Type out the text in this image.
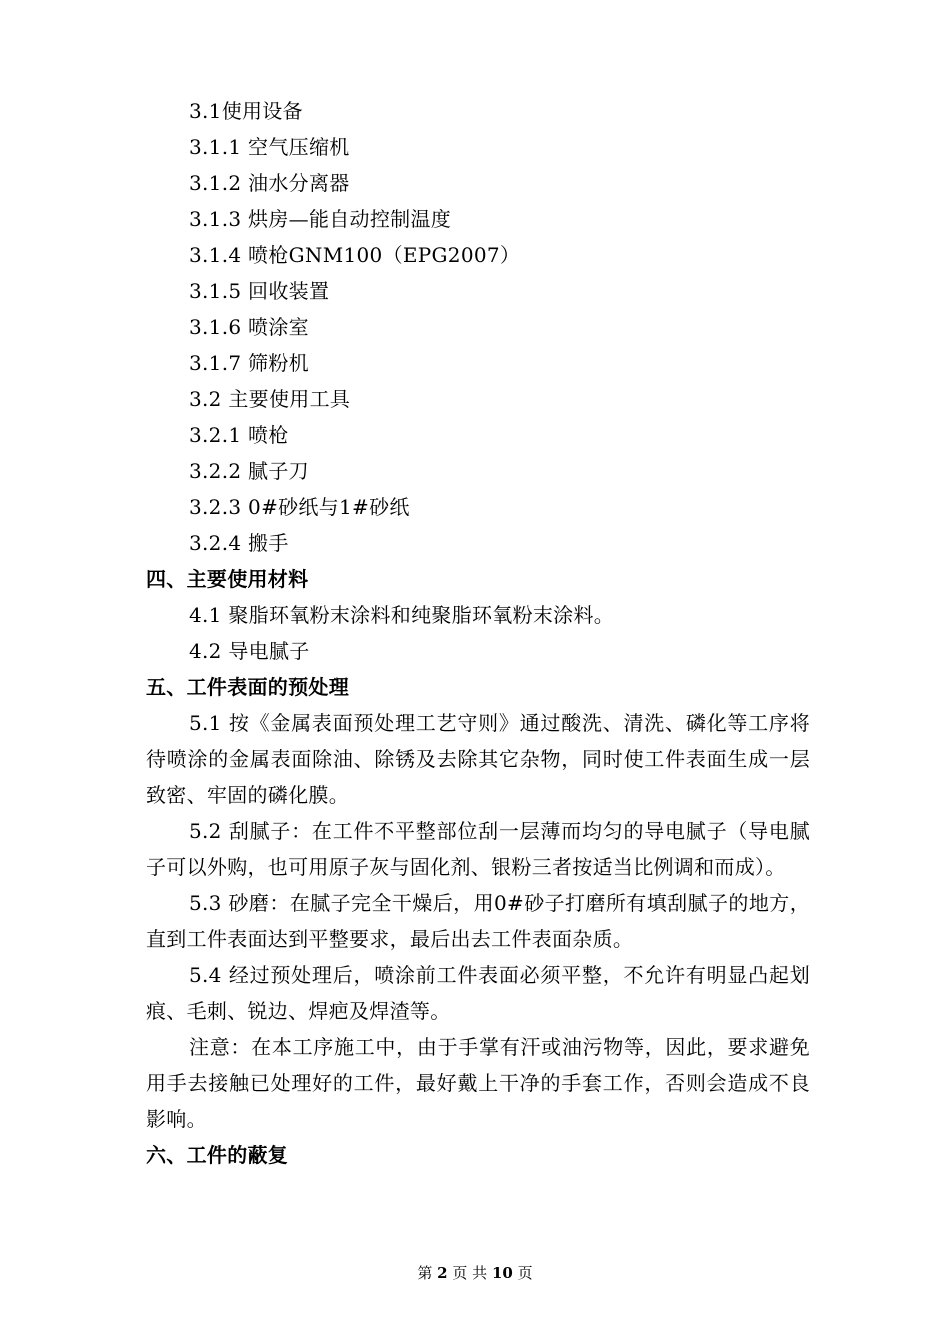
3.1使用设备
3.1.1 空气压缩机
3.1.2 油水分离器
3.1.3 烘房—能自动控制温度
3.1.4 喷枪GNM100（EPG2007）
3.1.5 回收装置
3.1.6 喷涂室
3.1.7 筛粉机
3.2 主要使用工具
3.2.1 喷枪
3.2.2 腻子刀
3.2.3 0#砂纸与1#砂纸
3.2.4 搬手
四、主要使用材料
4.1 聚脂环氧粉末涂料和纯聚脂环氧粉末涂料。
4.2 导电腻子
五、工件表面的预处理
5.1 按《金属表面预处理工艺守则》通过酸洗、清洗、磷化等工序将待喷涂的金属表面除油、除锈及去除其它杂物，同时使工件表面生成一层致密、牢固的磷化膜。
5.2 刮腻子：在工件不平整部位刮一层薄而均匀的导电腻子（导电腻子可以外购，也可用原子灰与固化剂、银粉三者按适当比例调和而成）。
5.3 砂磨：在腻子完全干燥后，用0#砂子打磨所有填刮腻子的地方，直到工件表面达到平整要求，最后出去工件表面杂质。
5.4 经过预处理后，喷涂前工件表面必须平整，不允许有明显凸起划痕、毛刺、锐边、焊疤及焊渣等。
注意：在本工序施工中，由于手掌有汗或油污物等，因此，要求避免用手去接触已处理好的工件，最好戴上干净的手套工作，否则会造成不良影响。
六、工件的蔽复
第 2 页 共 10 页
